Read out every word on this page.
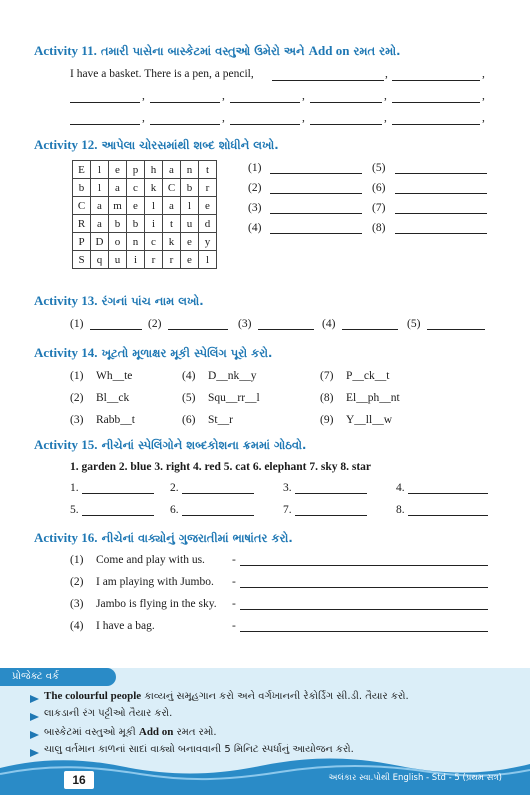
Activity 11. તમારી પાસેના બાસ્કેટમાં વસ્તુઓ ઉમેરો અને Add on રમત રમો.
I have a basket. There is a pen, a pencil,	,	,
,	,	,	,	,
,	,	,	,	,
Activity 12. આપેલા ચોરસમાંથી શબ્દ શોધીને લખો.
E	l	e	p	h	a	n	t
b	l	a	c	k	C	b	r
C	a	m	e	l	a	l	e
R	a	b	b	i	t	u	d
P	D	o	n	c	k	e	y
S	q	u	i	r	r	e	l
(1)
(2)
(3)
(4)
(5)
(6)
(7)
(8)
Activity 13. રંગનાં પાંચ નામ લખો.
(1)	(2)	(3)	(4)	(5)
Activity 14. ખૂટતો મૂળાક્ષર મૂકી સ્પેલિંગ પૂરો કરો.
(1) Wh__te	(4) D__nk__y	(7) P__ck__t
(2) Bl__ck	(5) Squ__rr__l	(8) El__ph__nt
(3) Rabb__t	(6) St__r	(9) Y__ll__w
Activity 15. નીચેનાં સ્પેલિંગોને શબ્દકોશના ક્રમમાં ગોઠવો.
1. garden 2. blue 3. right 4. red 5. cat 6. elephant 7. sky 8. star
1.	2.	3.	4.
5.	6.	7.	8.
Activity 16. નીચેનાં વાક્યોનું ગુજરાતીમાં ભાષાંતર કરો.
(1) Come and play with us. -
(2) I am playing with Jumbo. -
(3) Jambo is flying in the sky. -
(4) I have a bag.	-
પ્રોજેક્ટ વર્ક
The colourful people કાવ્યનું સમૂહગાન કરો અને વર્ગખાનની રેકોર્ડિંગ સી.ડી. તૈયાર કરો.
લાકડાની રંગ પટ્ટીઓ તૈયાર કરો.
બાસ્કેટમાં વસ્તુઓ મૂકી Add on રમત રમો.
ચાલુ વર્તમાન કાળનાં સાદાં વાક્યો બનાવવાની 5 મિનિટ સ્પર્ધાનું આયોજન કરો.
16	અલંકાર સ્વા.પોથી English - Std - 5 (પ્રથમ સત્ર)
